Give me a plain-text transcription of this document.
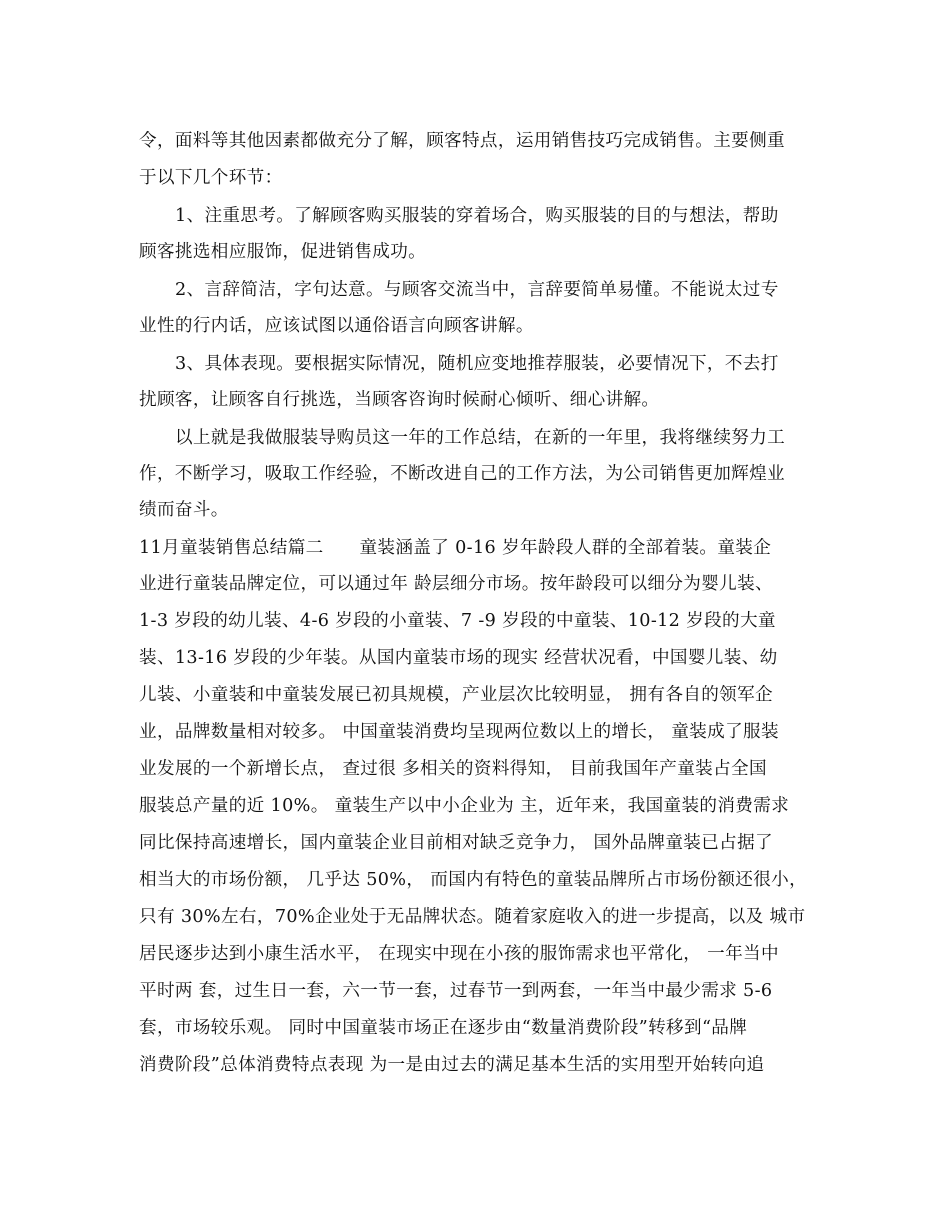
令，面料等其他因素都做充分了解，顾客特点，运用销售技巧完成销售。主要侧重
于以下几个环节：
1、注重思考。了解顾客购买服装的穿着场合，购买服装的目的与想法，帮助
顾客挑选相应服饰，促进销售成功。
2、言辞简洁，字句达意。与顾客交流当中，言辞要简单易懂。不能说太过专
业性的行内话，应该试图以通俗语言向顾客讲解。
3、具体表现。要根据实际情况，随机应变地推荐服装，必要情况下，不去打
扰顾客，让顾客自行挑选，当顾客咨询时候耐心倾听、细心讲解。
以上就是我做服装导购员这一年的工作总结，在新的一年里，我将继续努力工
作，不断学习，吸取工作经验，不断改进自己的工作方法，为公司销售更加辉煌业
绩而奋斗。
11月童装销售总结篇二　　童装涵盖了 0-16 岁年龄段人群的全部着装。童装企
业进行童装品牌定位，可以通过年 龄层细分市场。按年龄段可以细分为婴儿装、
1-3 岁段的幼儿装、4-6 岁段的小童装、7 -9 岁段的中童装、10-12 岁段的大童
装、13-16 岁段的少年装。从国内童装市场的现实 经营状况看，中国婴儿装、幼
儿装、小童装和中童装发展已初具规模，产业层次比较明显， 拥有各自的领军企
业，品牌数量相对较多。 中国童装消费均呈现两位数以上的增长， 童装成了服装
业发展的一个新增长点， 查过很 多相关的资料得知， 目前我国年产童装占全国
服装总产量的近 10%。 童装生产以中小企业为 主，近年来，我国童装的消费需求
同比保持高速增长，国内童装企业目前相对缺乏竞争力， 国外品牌童装已占据了
相当大的市场份额， 几乎达 50%， 而国内有特色的童装品牌所占市场份额还很小，
只有 30%左右，70%企业处于无品牌状态。随着家庭收入的进一步提高，以及 城市
居民逐步达到小康生活水平， 在现实中现在小孩的服饰需求也平常化， 一年当中
平时两 套，过生日一套，六一节一套，过春节一到两套，一年当中最少需求 5-6
套，市场较乐观。 同时中国童装市场正在逐步由“数量消费阶段”转移到“品牌
消费阶段”总体消费特点表现 为一是由过去的满足基本生活的实用型开始转向追
